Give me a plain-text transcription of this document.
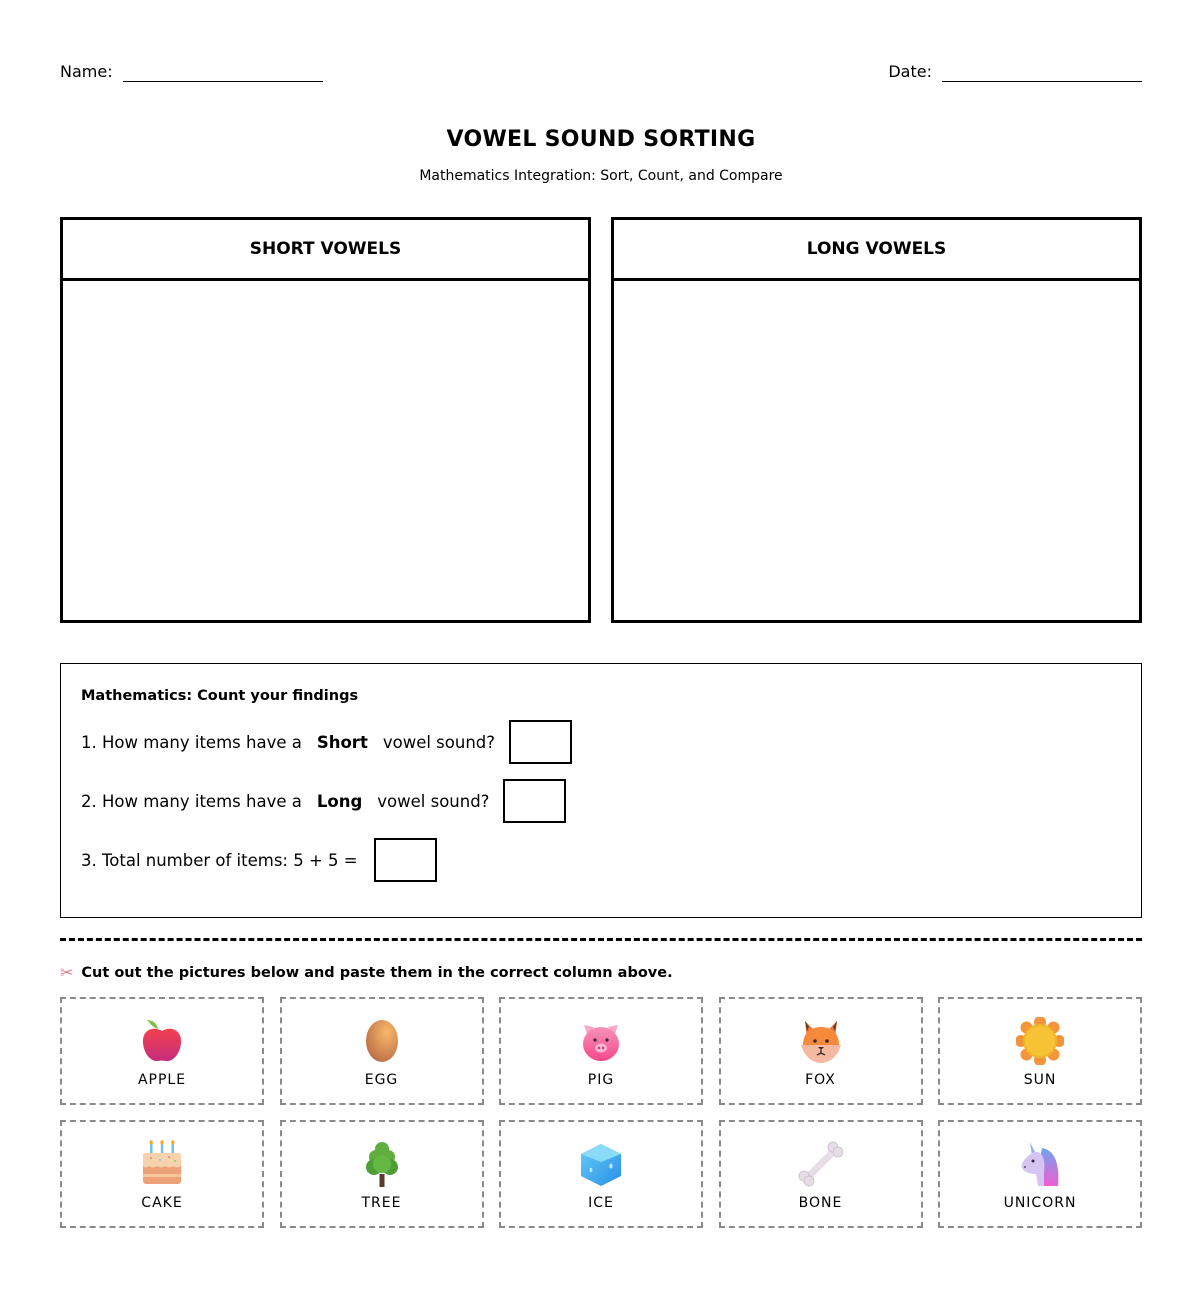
Name:	Date:
VOWEL SOUND SORTING
Mathematics Integration: Sort, Count, and Compare
SHORT VOWELS	LONG VOWELS
Mathematics: Count your findings
1. How many items have a Short vowel sound?
2. How many items have a Long vowel sound?
3. Total number of items: 5 + 5 =
✂ Cut out the pictures below and paste them in the correct column above.
APPLE	EGG	PIG	FOX	SUN
CAKE	TREE	ICE	BONE	UNICORN
